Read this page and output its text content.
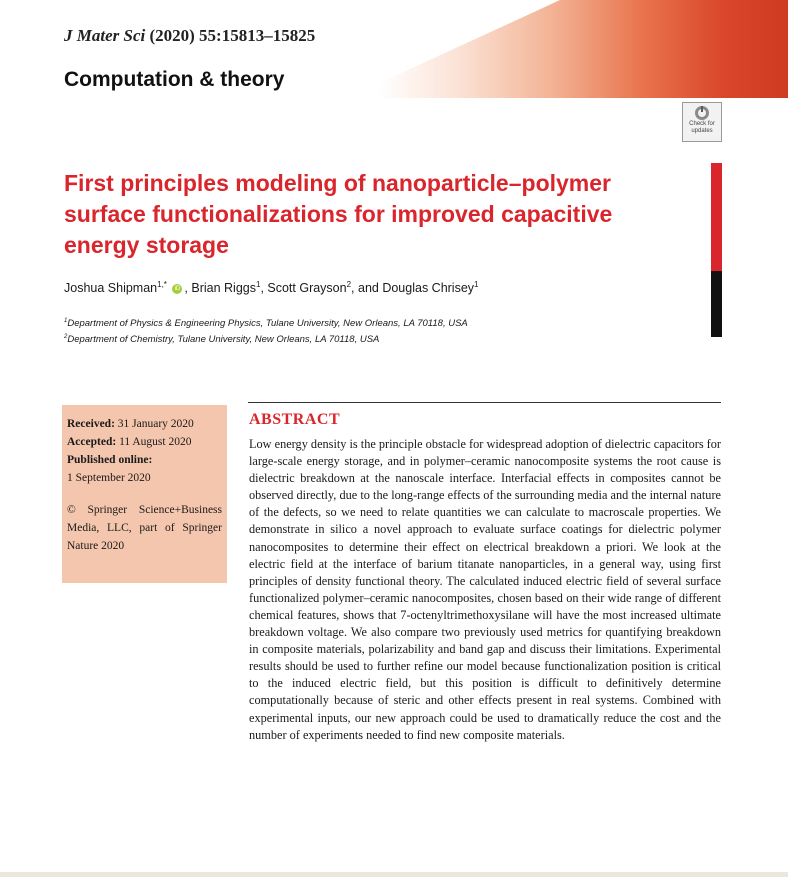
J Mater Sci (2020) 55:15813–15825
Computation & theory
Check for
updates
First principles modeling of nanoparticle–polymer surface functionalizations for improved capacitive energy storage
Joshua Shipman$^{1,*}$ iD , Brian Riggs$^1$, Scott Grayson$^2$, and Douglas Chrisey$^1$
$^1$Department of Physics & Engineering Physics, Tulane University, New Orleans, LA 70118, USA
$^2$Department of Chemistry, Tulane University, New Orleans, LA 70118, USA
Received: 31 January 2020
Accepted: 11 August 2020
Published online:
1 September 2020
© Springer Science+Business Media, LLC, part of Springer Nature 2020
ABSTRACT
Low energy density is the principle obstacle for widespread adoption of dielectric capacitors for large-scale energy storage, and in polymer–ceramic nanocomposite systems the root cause is dielectric breakdown at the nanoscale interface. Interfacial effects in composites cannot be observed directly, due to the long-range effects of the surrounding media and the internal nature of the defects, so we need to relate quantities we can calculate to macroscale properties. We demonstrate in silico a novel approach to evaluate surface coatings for dielectric polymer nanocomposites to determine their effect on electrical breakdown a priori. We look at the electric field at the interface of barium titanate nanoparticles, in a general way, using first principles of density functional theory. The calculated induced electric field of several surface functionalized polymer–ceramic nanocomposites, chosen based on their wide range of different chemical features, shows that 7-octenyltrimethoxysilane will have the most increased ultimate breakdown voltage. We also compare two previously used metrics for quantifying breakdown in composite materials, polarizability and band gap and discuss their limitations. Experimental results should be used to further refine our model because functionalization position is critical to the induced electric field, but this position is difficult to definitively determine computationally because of steric and other effects present in real systems. Combined with experimental inputs, our new approach could be used to dramatically reduce the cost and the number of experiments needed to find new composite materials.
